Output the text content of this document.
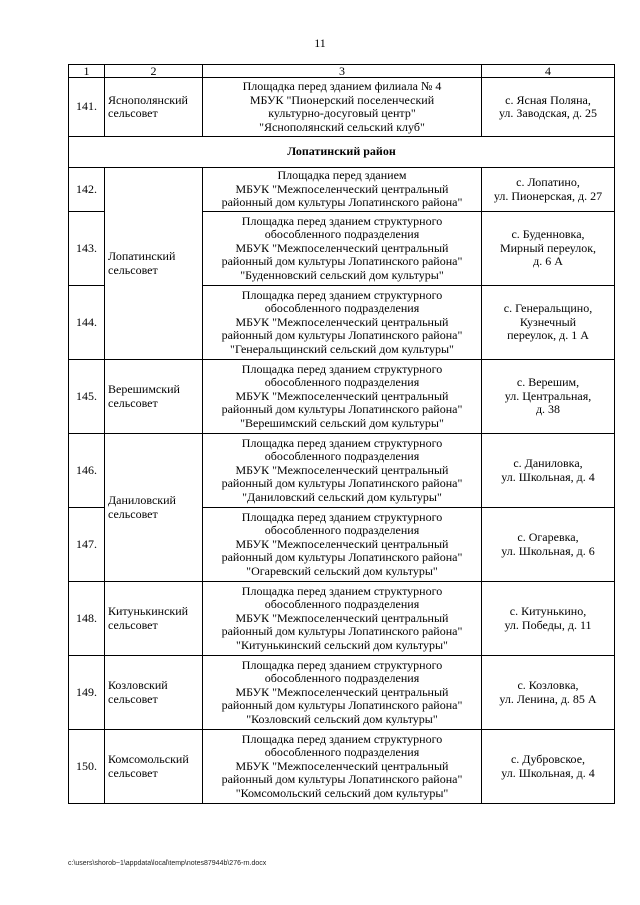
11
1	2	3	4
141.	Яснополянский
сельсовет	Площадка перед зданием филиала № 4
МБУК "Пионерский поселенческий
культурно-досуговый центр"
"Яснополянский сельский клуб"	с. Ясная Поляна,
ул. Заводская, д. 25

Лопатинский район			
142.	Лопатинский
сельсовет	Площадка перед зданием
МБУК "Межпоселенческий центральный
районный дом культуры Лопатинского района"	с. Лопатино,
ул. Пионерская, д. 27

143.		Площадка перед зданием структурного
обособленного подразделения
МБУК "Межпоселенческий центральный
районный дом культуры Лопатинского района"
"Буденновский сельский дом культуры"	с. Буденновка,
Мирный переулок,
д. 6 А

144.		Площадка перед зданием структурного
обособленного подразделения
МБУК "Межпоселенческий центральный
районный дом культуры Лопатинского района"
"Генеральщинский сельский дом культуры"	с. Генеральщино,
Кузнечный
переулок, д. 1 А

145.	Верешимский
сельсовет	Площадка перед зданием структурного
обособленного подразделения
МБУК "Межпоселенческий центральный
районный дом культуры Лопатинского района"
"Верешимский сельский дом культуры"	с. Верешим,
ул. Центральная,
д. 38

146.	Даниловский
сельсовет	Площадка перед зданием структурного
обособленного подразделения
МБУК "Межпоселенческий центральный
районный дом культуры Лопатинского района"
"Даниловский сельский дом культуры"	с. Даниловка,
ул. Школьная, д. 4

147.		Площадка перед зданием структурного
обособленного подразделения
МБУК "Межпоселенческий центральный
районный дом культуры Лопатинского района"
"Огаревский сельский дом культуры"	с. Огаревка,
ул. Школьная, д. 6

148.	Китунькинский
сельсовет	Площадка перед зданием структурного
обособленного подразделения
МБУК "Межпоселенческий центральный
районный дом культуры Лопатинского района"
"Китунькинский сельский дом культуры"	с. Китунькино,
ул. Победы, д. 11

149.	Козловский
сельсовет	Площадка перед зданием структурного
обособленного подразделения
МБУК "Межпоселенческий центральный
районный дом культуры Лопатинского района"
"Козловский сельский дом культуры"	с. Козловка,
ул. Ленина, д. 85 А

150.	Комсомольский
сельсовет	Площадка перед зданием структурного
обособленного подразделения
МБУК "Межпоселенческий центральный
районный дом культуры Лопатинского района"
"Комсомольский сельский дом культуры"	с. Дубровское,
ул. Школьная, д. 4
c:\users\shorob~1\appdata\local\temp\notes87944b\276-rn.docx
